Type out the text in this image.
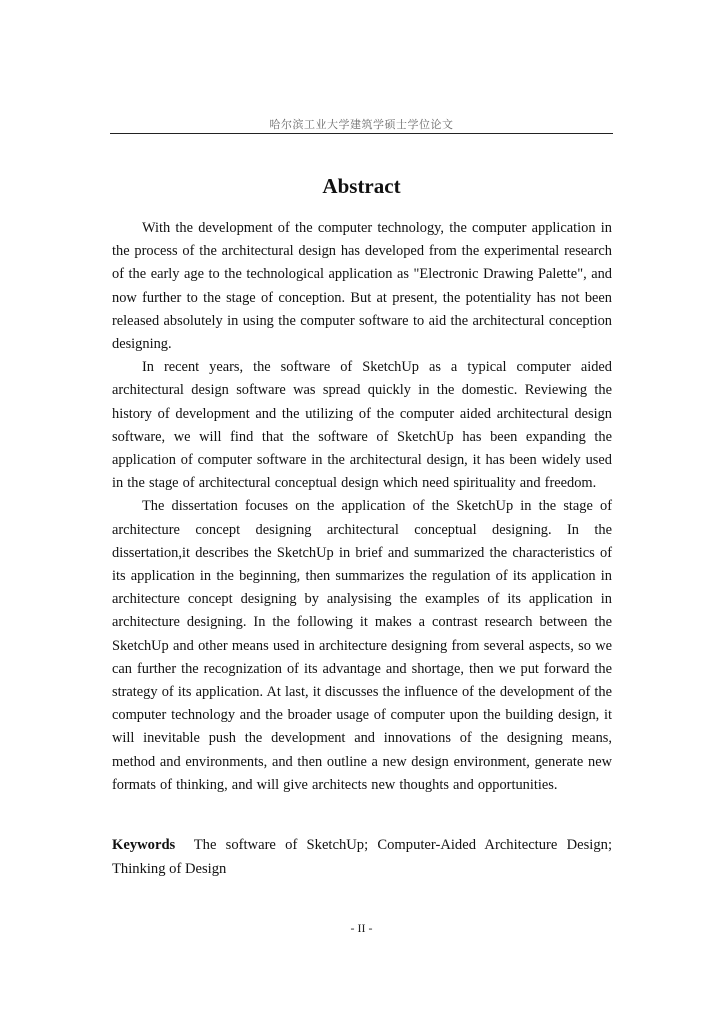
哈尔滨工业大学建筑学硕士学位论文
Abstract

With the development of the computer technology, the computer application in the process of the architectural design has developed from the experimental research of the early age to the technological application as "Electronic Drawing Palette", and now further to the stage of conception. But at present, the potentiality has not been released absolutely in using the computer software to aid the architectural conception designing.

In recent years, the software of SketchUp as a typical computer aided architectural design software was spread quickly in the domestic. Reviewing the history of development and the utilizing of the computer aided architectural design software, we will find that the software of SketchUp has been expanding the application of computer software in the architectural design, it has been widely used in the stage of architectural conceptual design which need spirituality and freedom.

The dissertation focuses on the application of the SketchUp in the stage of architecture concept designing architectural conceptual designing. In the dissertation,it describes the SketchUp in brief and summarized the characteristics of its application in the beginning, then summarizes the regulation of its application in architecture concept designing by analysising the examples of its application in architecture designing. In the following it makes a contrast research between the SketchUp and other means used in architecture designing from several aspects, so we can further the recognization of its advantage and shortage, then we put forward the strategy of its application. At last, it discusses the influence of the development of the computer technology and the broader usage of computer upon the building design, it will inevitable push the development and innovations of the designing means, method and environments, and then outline a new design environment, generate new formats of thinking, and will give architects new thoughts and opportunities.

Keywords The software of SketchUp; Computer-Aided Architecture Design; Thinking of Design

- II -
